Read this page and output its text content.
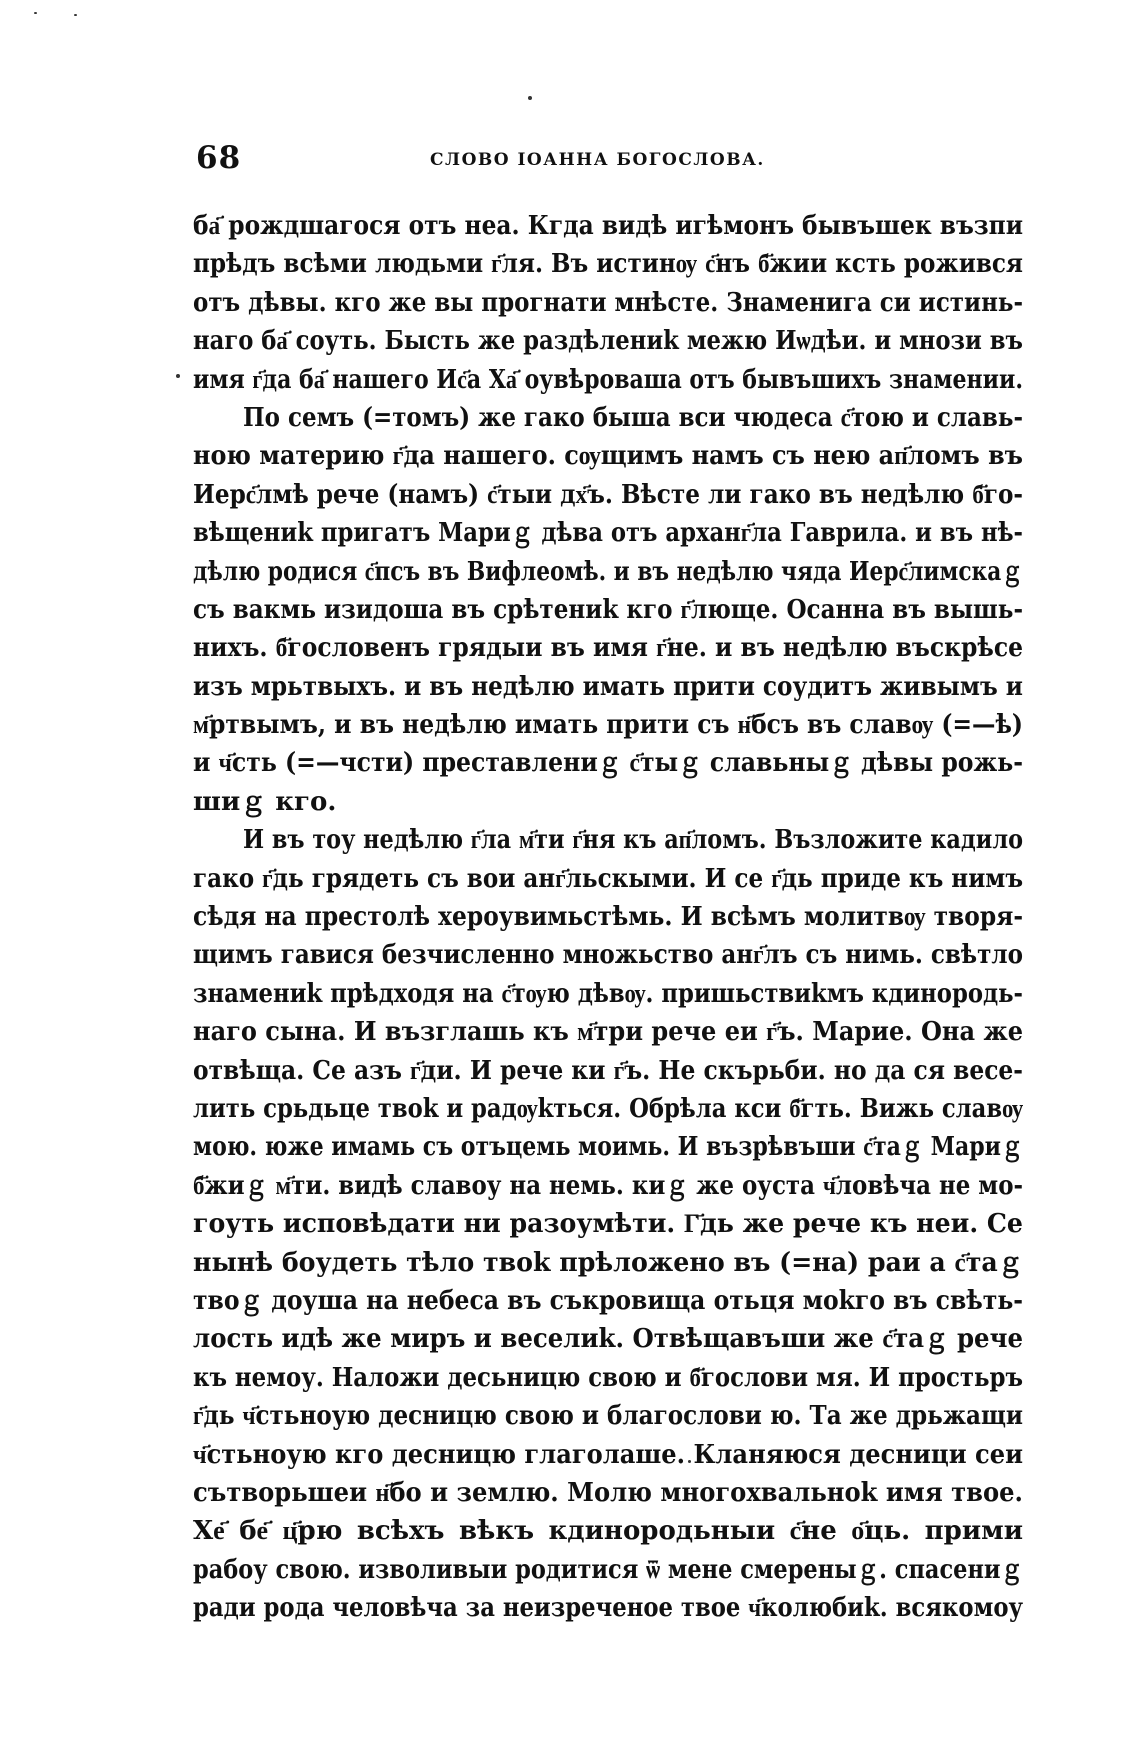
68	СЛОВО ІОАННА БОГОСЛОВА.
ба҃ рождшагося отъ нea. Кгда видѣ игѣмонъ бывъшек възпи
прѣдъ всѣми людьми г҃ля. Въ истинѹ с҃нъ б҃жии кcть рожився
отъ дѣвы. кго же вы прогнати мнѣсте. Знаменига си истинь-
наго ба҃ соуть. Бысть же раздѣлениk межю Иѡдѣи. и мнози въ
имя г҃да ба҃ нашего Ис҃а Ха҃ оувѣроваша отъ бывъшихъ знамении.
По семъ (=томъ) же гако быша вси чюдеса с҃тою и славь-
ною материю г҃да нашего. сѹщимъ намъ съ нею ап҃ломъ въ
Иерс҃лмѣ рече (намъ) с҃тыи дх҃ъ. Вѣсте ли гако въ недѣлю б҃го-
вѣщениk пригатъ Мариｇ дѣва отъ арханг҃ла Гаврила. и въ нѣ-
дѣлю родися с҃псъ въ Вифлеомѣ. и въ недѣлю чяда Иерс҃лимскаｇ
съ вакмь изидоша въ срѣтениk кго г҃люще. Осанна въ вышь-
нихъ. б҃гословенъ грядыи въ имя г҃не. и въ недѣлю въскрѣсе
изъ мрьтвыхъ. и въ недѣлю имать прити соудитъ живымъ и
м҃ртвымъ, и въ недѣлю имать прити съ н҃бсъ въ славѹ (=—ѣ)
и ч҃сть (=—чсти) преставлениｇ с҃тыｇ славьныｇ дѣвы рожь-
шиｇ кго.
И въ тоу недѣлю г҃ла м҃ти г҃ня къ ап҃ломъ. Възложите кадило
гако г҃дь грядеть съ вои анг҃льскыми. И се г҃дь приде къ нимъ
сѣдя на престолѣ хероувимьстѣмь. И всѣмъ молитвѹ творя-
щимъ гавися безчисленно множьство анг҃лъ съ нимь. свѣтло
знамениk прѣдходя на с҃тѹю дѣвѹ. пришьствиkмъ кдинородь-
наго сына. И възглашь къ м҃три рече еи г҃ъ. Марие. Она же
отвѣща. Се азъ г҃ди. И рече ки г҃ъ. Не скърьби. но да ся весе-
лить срьдьце твоk и радѹkться. Обрѣла кси б҃гть. Вижь славѹ
мою. юже имамь съ отъцемь моимь. И възрѣвъши с҃таｇ Мариｇ
б҃жиｇ м҃ти. видѣ славоу на немь. киｇ же оуста ч҃ловѣча не мо-
гоуть исповѣдати ни разоумѣти. Г҃дь же рече къ неи. Се
нынѣ боудеть тѣло твоk прѣложено въ (=на) раи а с҃таｇ
твоｇ доуша на небеса въ съкровища отьця моkго въ свѣть-
лость идѣ же миръ и веселиk. Отвѣщавъши же с҃таｇ рече
къ немоу. Наложи десьницю свою и б҃гослови мя. И простьръ
г҃дь ч҃стьноую десницю свою и благослови ю. Та же дрьжащи
ч҃стьноую кго десницю глаголаше. Кланяюся десници сеи
сътворьшеи н҃бо и землю. Молю многохвальноk имя твое.
Хе҃ бе҃ ц҃рю всѣхъ вѣкъ кдинородьныи с҃не о҃ць. прими
рабоу свою. изволивыи родитися ѿ мене смереныｇ. спасениｇ
ради рода человѣча за неизреченое твое ч҃колюбиk. всякомоу
